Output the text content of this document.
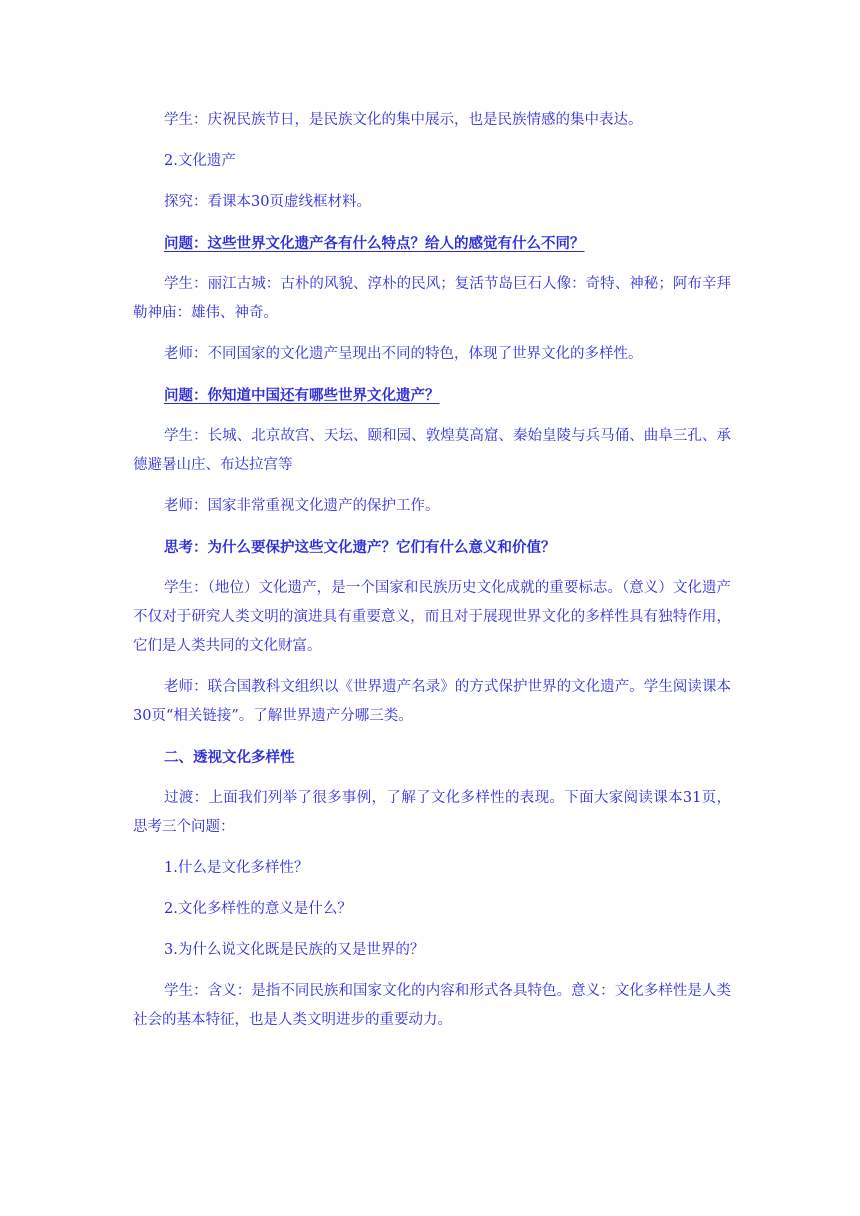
学生：庆祝民族节日，是民族文化的集中展示，也是民族情感的集中表达。

2.文化遗产

探究：看课本30页虚线框材料。

问题：这些世界文化遗产各有什么特点？给人的感觉有什么不同？

学生：丽江古城：古朴的风貌、淳朴的民风；复活节岛巨石人像：奇特、神秘；阿布辛拜勒神庙：雄伟、神奇。

老师：不同国家的文化遗产呈现出不同的特色，体现了世界文化的多样性。

问题：你知道中国还有哪些世界文化遗产？

学生：长城、北京故宫、天坛、颐和园、敦煌莫高窟、秦始皇陵与兵马俑、曲阜三孔、承德避暑山庄、布达拉宫等

老师：国家非常重视文化遗产的保护工作。

思考：为什么要保护这些文化遗产？它们有什么意义和价值？

学生：（地位）文化遗产，是一个国家和民族历史文化成就的重要标志。（意义）文化遗产不仅对于研究人类文明的演进具有重要意义，而且对于展现世界文化的多样性具有独特作用，它们是人类共同的文化财富。

老师：联合国教科文组织以《世界遗产名录》的方式保护世界的文化遗产。学生阅读课本30页“相关链接”。了解世界遗产分哪三类。

二、透视文化多样性

过渡：上面我们列举了很多事例，了解了文化多样性的表现。下面大家阅读课本31页，思考三个问题：

1.什么是文化多样性？

2.文化多样性的意义是什么？

3.为什么说文化既是民族的又是世界的？

学生：含义：是指不同民族和国家文化的内容和形式各具特色。意义：文化多样性是人类社会的基本特征，也是人类文明进步的重要动力。
